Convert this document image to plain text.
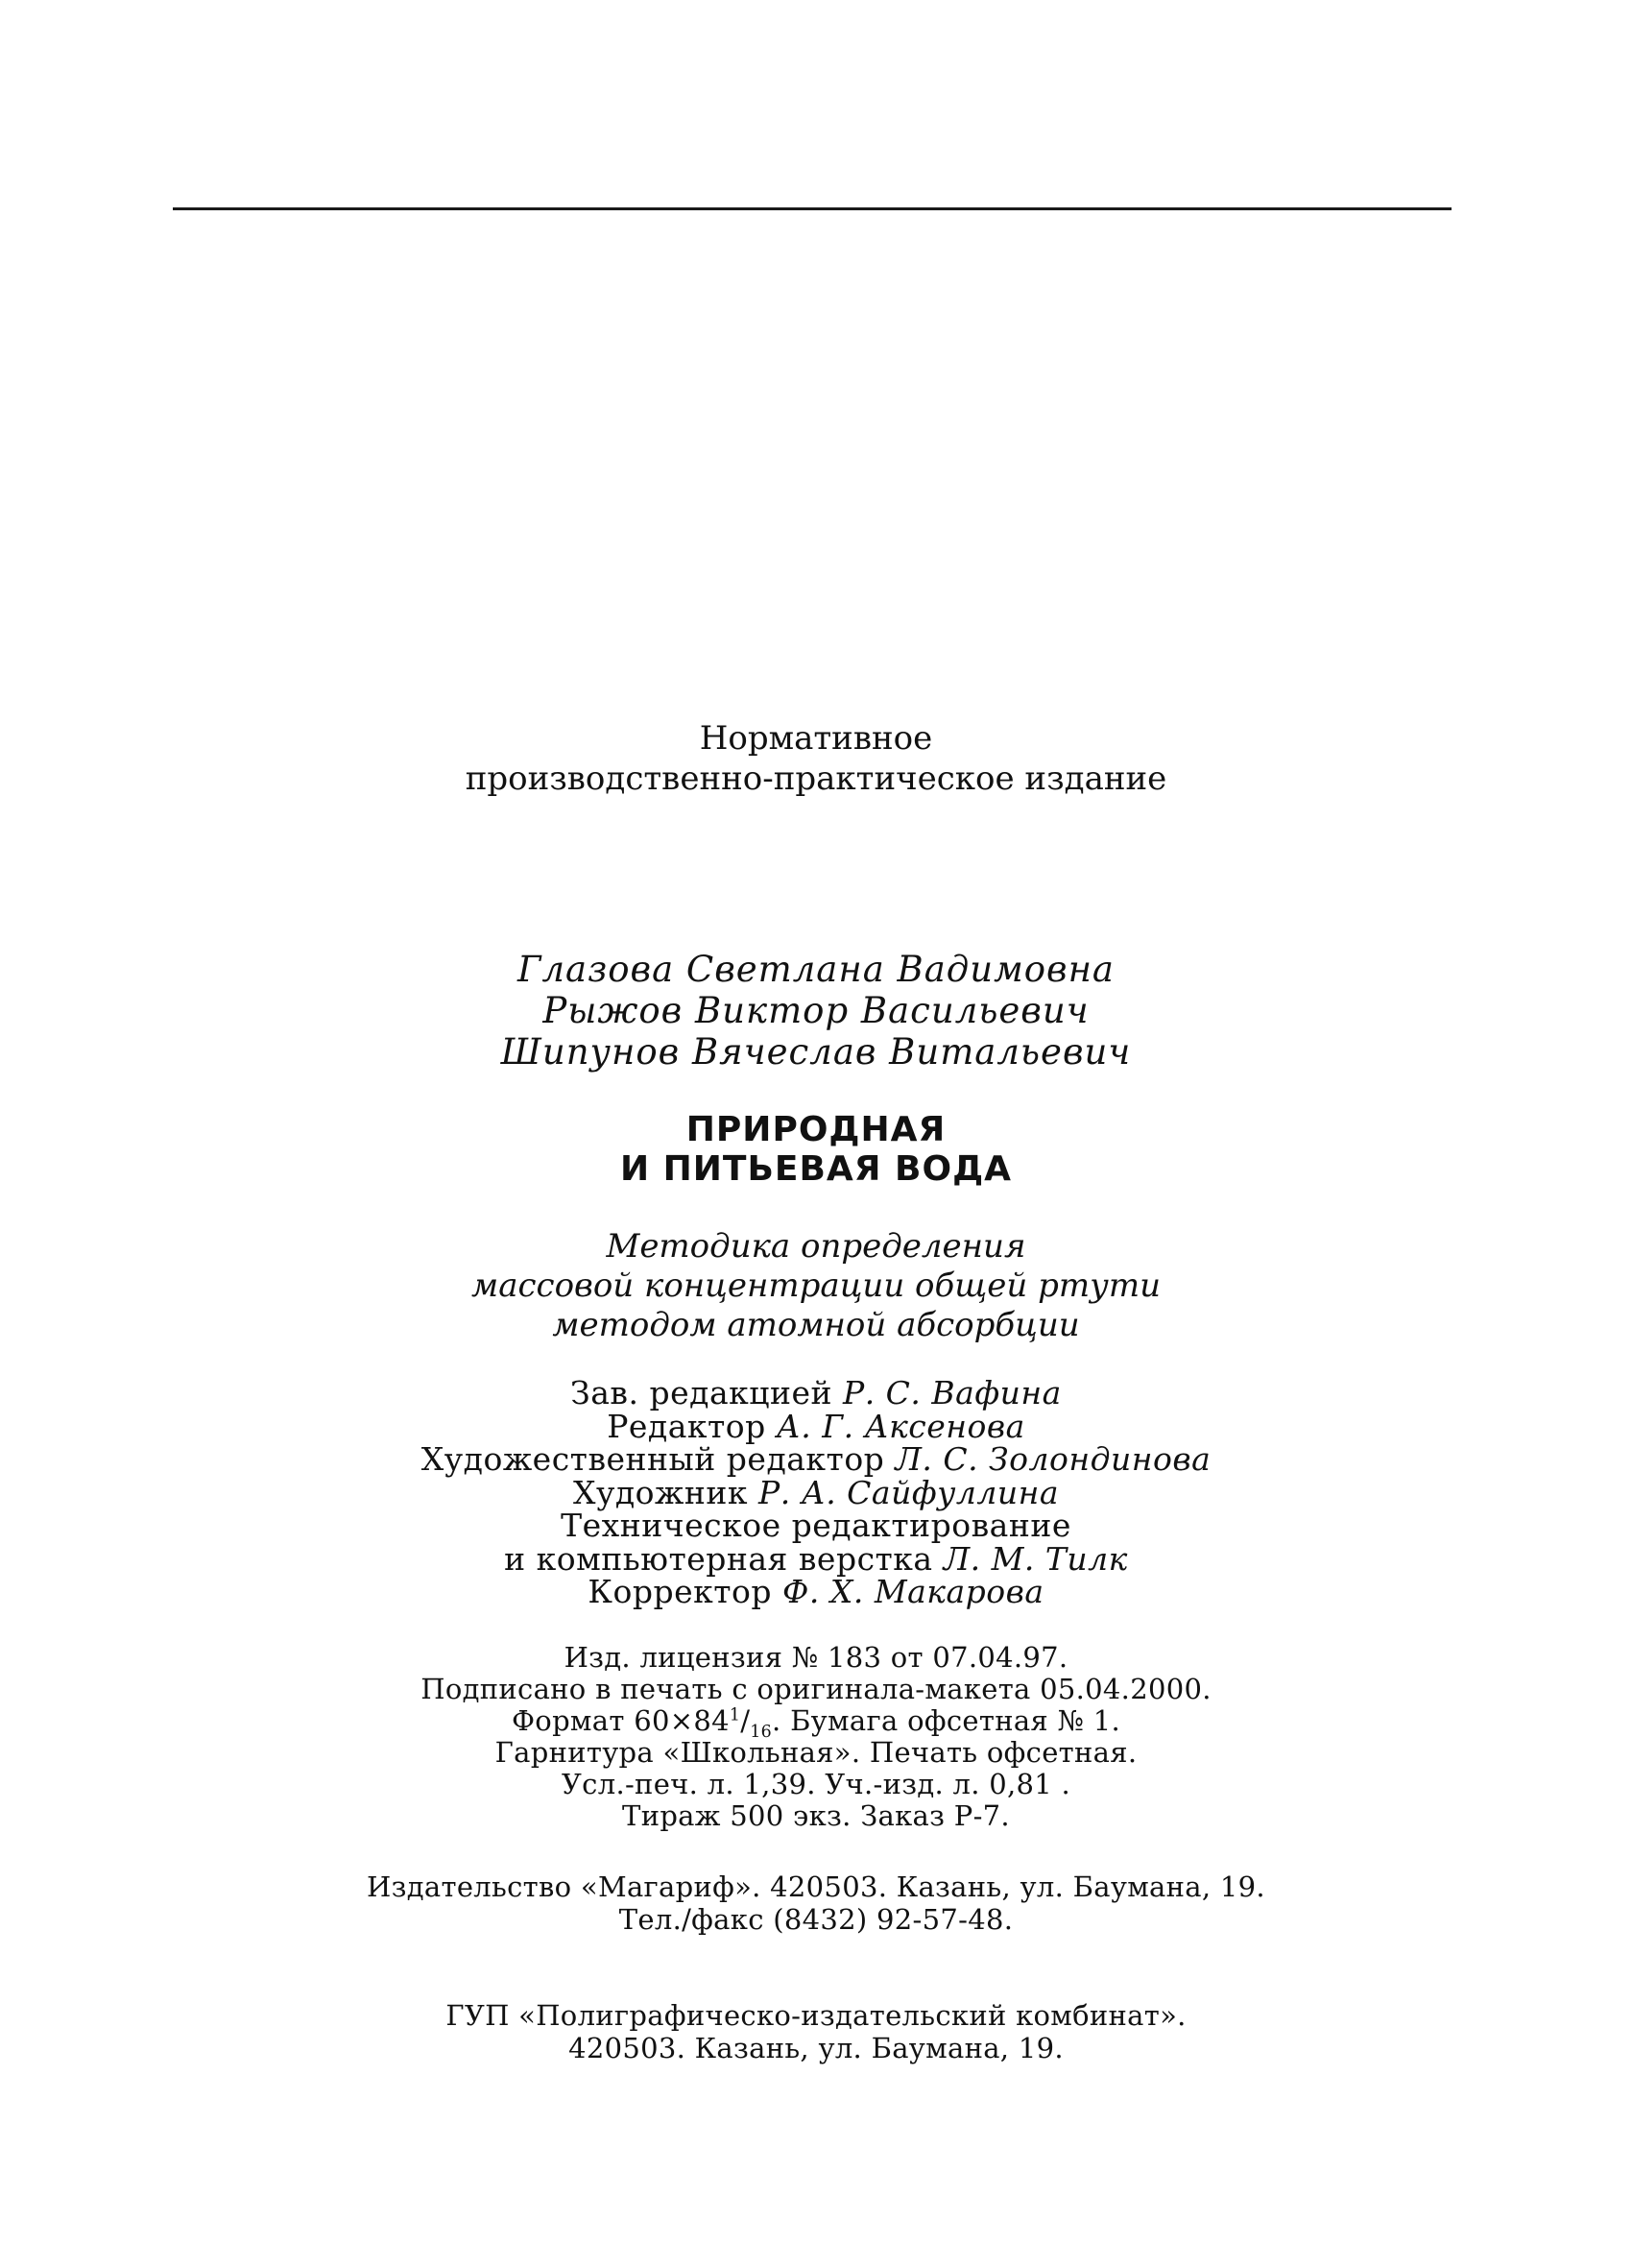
Нормативное
производственно-практическое издание
Глазова Светлана Вадимовна
Рыжов Виктор Васильевич
Шипунов Вячеслав Витальевич
ПРИРОДНАЯ
И ПИТЬЕВАЯ ВОДА
Методика определения
массовой концентрации общей ртути
методом атомной абсорбции
Зав. редакцией Р. С. Вафина
Редактор А. Г. Аксенова
Художественный редактор Л. С. Золондинова
Художник Р. А. Сайфуллина
Техническое редактирование
и компьютерная верстка Л. М. Тилк
Корректор Ф. Х. Макарова
Изд. лицензия № 183 от 07.04.97.
Подписано в печать с оригинала-макета 05.04.2000.
Формат $60\times 84^1/_{16}$. Бумага офсетная № 1.
Гарнитура «Школьная». Печать офсетная.
Усл.-печ. л. 1,39. Уч.-изд. л. 0,81 .
Тираж 500 экз. Заказ Р-7.
Издательство «Магариф». 420503. Казань, ул. Баумана, 19.
Тел./факс (8432) 92-57-48.
ГУП «Полиграфическо-издательский комбинат».
420503. Казань, ул. Баумана, 19.
